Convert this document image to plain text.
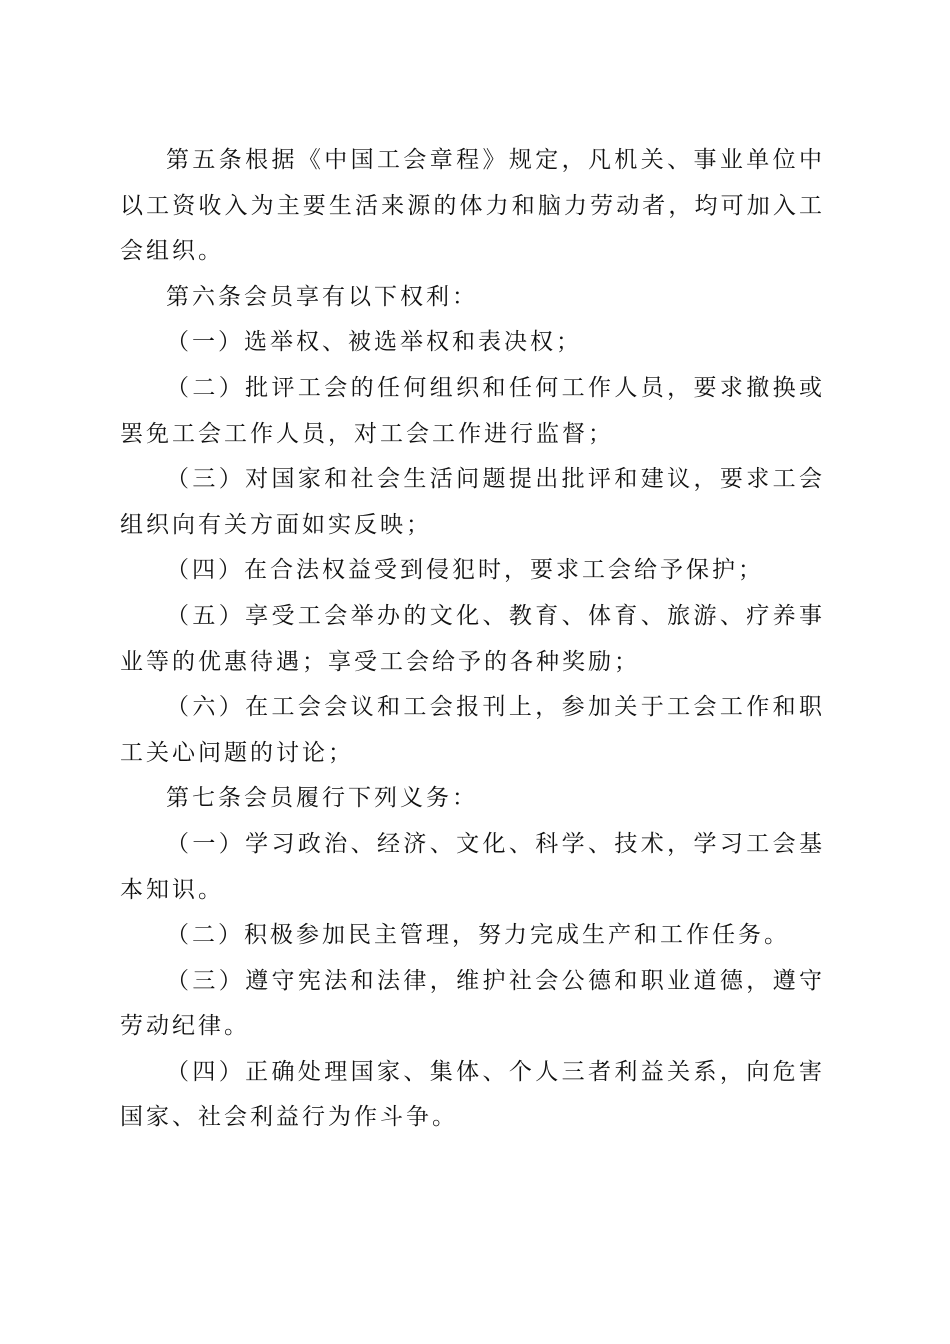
第五条根据《中国工会章程》规定，凡机关、事业单位中以工资收入为主要生活来源的体力和脑力劳动者，均可加入工会组织。

第六条会员享有以下权利：

（一）选举权、被选举权和表决权；

（二）批评工会的任何组织和任何工作人员，要求撤换或罢免工会工作人员，对工会工作进行监督；

（三）对国家和社会生活问题提出批评和建议，要求工会组织向有关方面如实反映；

（四）在合法权益受到侵犯时，要求工会给予保护；

（五）享受工会举办的文化、教育、体育、旅游、疗养事业等的优惠待遇；享受工会给予的各种奖励；

（六）在工会会议和工会报刊上，参加关于工会工作和职工关心问题的讨论；

第七条会员履行下列义务：

（一）学习政治、经济、文化、科学、技术，学习工会基本知识。

（二）积极参加民主管理，努力完成生产和工作任务。

（三）遵守宪法和法律，维护社会公德和职业道德，遵守劳动纪律。

（四）正确处理国家、集体、个人三者利益关系，向危害国家、社会利益行为作斗争。
